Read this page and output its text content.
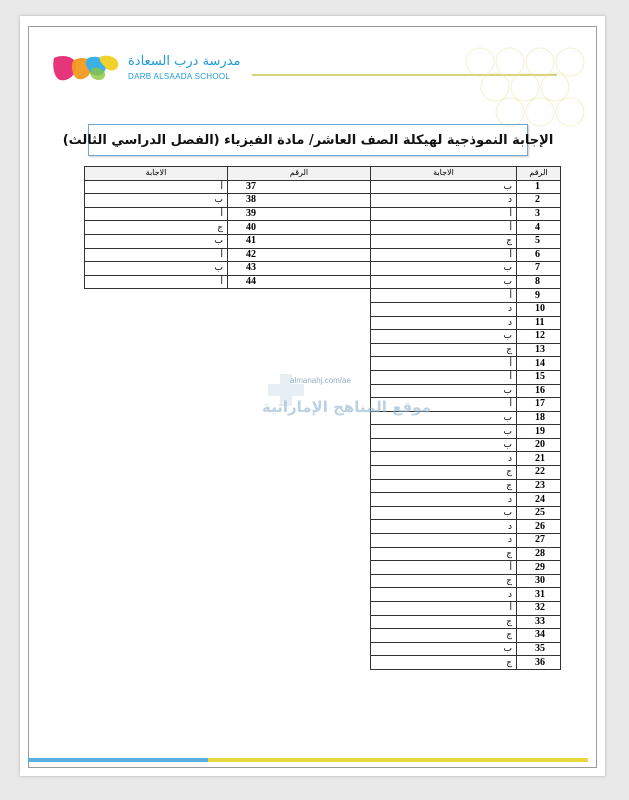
مدرسة درب السعادة
DARB ALSAADA SCHOOL
الإجابة النموذجية لهيكلة الصف العاشر/ مادة الفيزياء (الفصل الدراسي الثالث)
الاجابة	الرقم
ب	1
د	2
أ	3
أ	4
ج	5
أ	6
ب	7
ب	8
أ	9
د	10
د	11
ب	12
ج	13
أ	14
أ	15
ب	16
أ	17
ب	18
ب	19
ب	20
د	21
ج	22
ج	23
د	24
ب	25
د	26
د	27
ج	28
أ	29
ج	30
د	31
أ	32
ج	33
ج	34
ب	35
ج	36
الاجابة	الرقم
أ	37
ب	38
أ	39
ج	40
ب	41
أ	42
ب	43
أ	44
almanahj.com/ae
موقع المناهج الإماراتية
